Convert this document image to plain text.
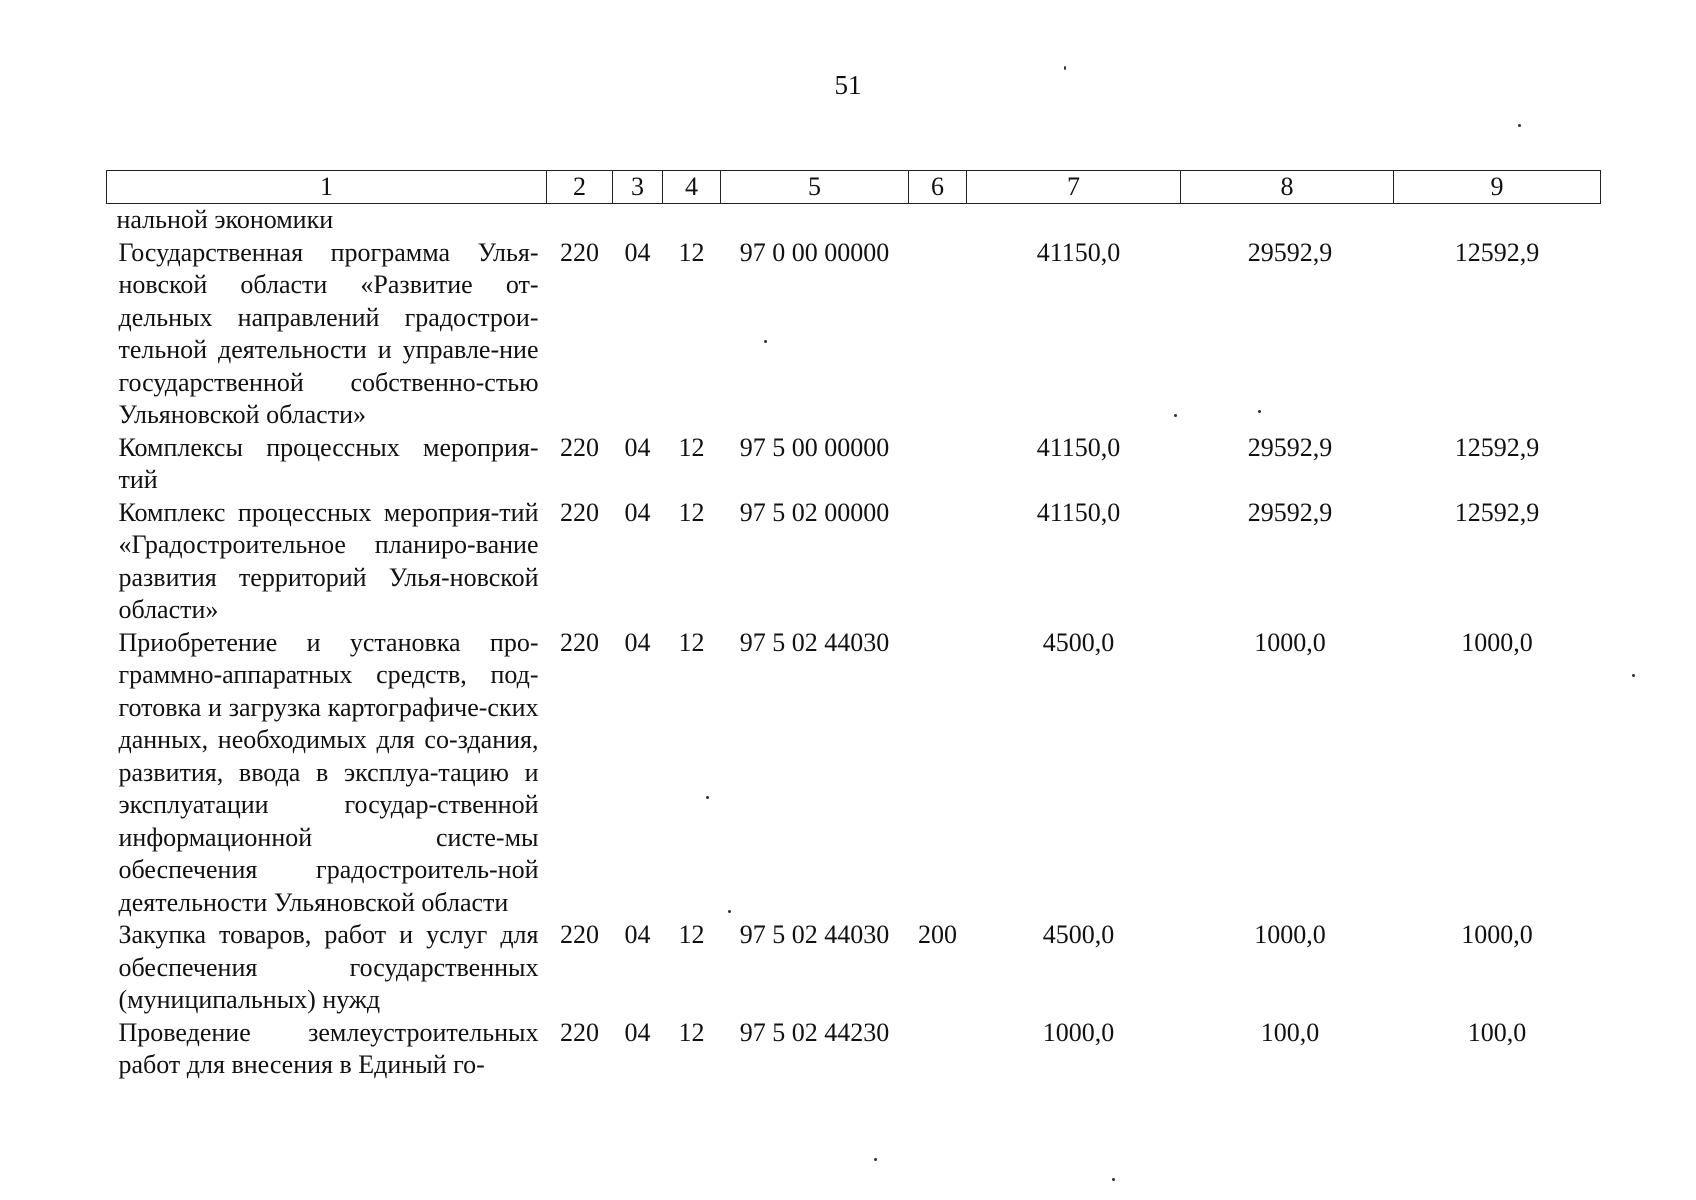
51
1	2	3	4	5	6	7	8	9
нальной экономики								
Государственная программа Улья-новской области «Развитие от-дельных направлений градострои-тельной деятельности и управле-ние государственной собственно-стью Ульяновской области»	220	04	12	97 0 00 00000		41150,0	29592,9	12592,9
Комплексы процессных мероприя-тий	220	04	12	97 5 00 00000		41150,0	29592,9	12592,9
Комплекс процессных мероприя-тий «Градостроительное планиро-вание развития территорий Улья-новской области»	220	04	12	97 5 02 00000		41150,0	29592,9	12592,9
Приобретение и установка про-граммно-аппаратных средств, под-готовка и загрузка картографиче-ских данных, необходимых для со-здания, развития, ввода в эксплуа-тацию и эксплуатации государ-ственной информационной систе-мы обеспечения градостроитель-ной деятельности Ульяновской области	220	04	12	97 5 02 44030		4500,0	1000,0	1000,0
Закупка товаров, работ и услуг для обеспечения государственных (муниципальных) нужд	220	04	12	97 5 02 44030	200	4500,0	1000,0	1000,0
Проведение землеустроительных работ для внесения в Единый го-	220	04	12	97 5 02 44230		1000,0	100,0	100,0
